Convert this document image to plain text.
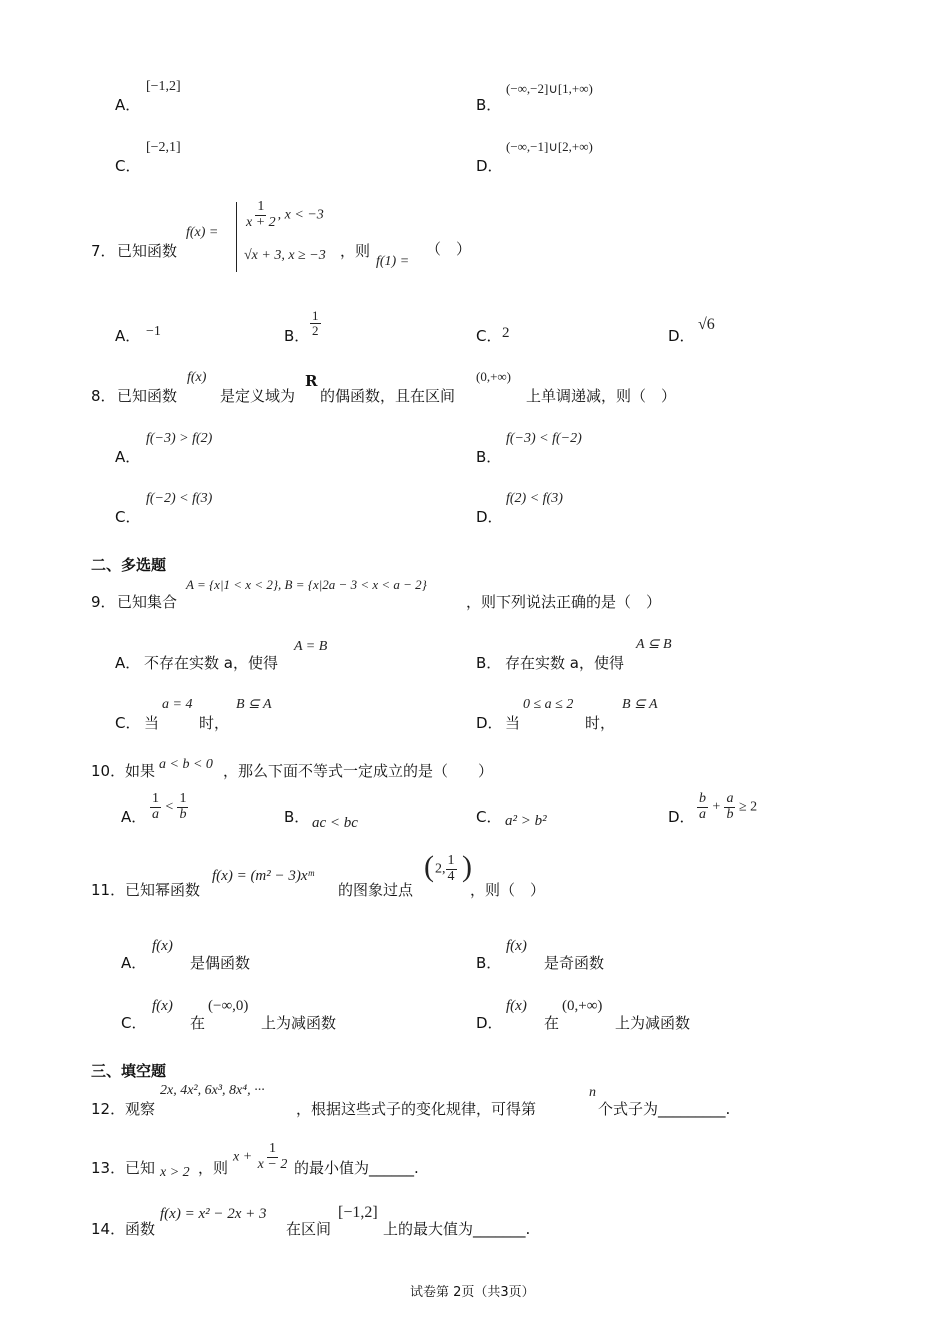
A．
[−1,2]
B．
(−∞,−2]∪[1,+∞)
C．
[−2,1]
D．
(−∞,−1]∪[2,+∞)
7． 已知函数
f(x) =
$\frac{1}{x + 2}$ , x < −3
√x + 3, x ≥ −3 ，则
f(1) =
（　）
A． −1	B． $\frac{1}{2}$	C． 2	D．
√6
8． 已知函数
f(x)
是定义域为
R
的偶函数，且在区间
(0,+∞)
上单调递减，则（　）
A．
f(−3) > f(2)
B．
f(−3) < f(−2)
C．
f(−2) < f(3)
D．
f(2) < f(3)
二、多选题
9． 已知集合
A = {x|1 < x < 2}, B = {x|2a − 3 < x < a − 2}
，则下列说法正确的是（　）
A． 不存在实数 a，使得
A = B
B． 存在实数 a，使得
A ⊆ B
C． 当
a = 4
时，
B ⊆ A
D． 当
0 ≤ a ≤ 2
时，
B ⊆ A
10． 如果 a < b < 0 ，那么下面不等式一定成立的是（　　）
A． $\frac{1}{a} < \frac{1}{b}$	B． ac < bc	C． a² > b²	D． $\frac{b}{a} + \frac{a}{b} \ge 2$
11． 已知幂函数
f(x) = (m² − 3)xᵐ
的图象过点
( 2, $\frac{1}{4}$ )
，则（　）
A．
f(x)
是偶函数	B．
f(x)
是奇函数
C．
f(x)
在
(−∞,0)
上为减函数	D．
f(x)
在
(0,+∞)
上为减函数
三、填空题
12． 观察
2x, 4x², 6x³, 8x⁴, ···
，根据这些式子的变化规律，可得第
n
个式子为_________.
13． 已知 x > 2 ，则
$x + \frac{1}{x - 2}$ 的最小值为______.
14． 函数
f(x) = x² − 2x + 3
在区间
[−1,2]
上的最大值为_______.
试卷第 2页（共3页）
